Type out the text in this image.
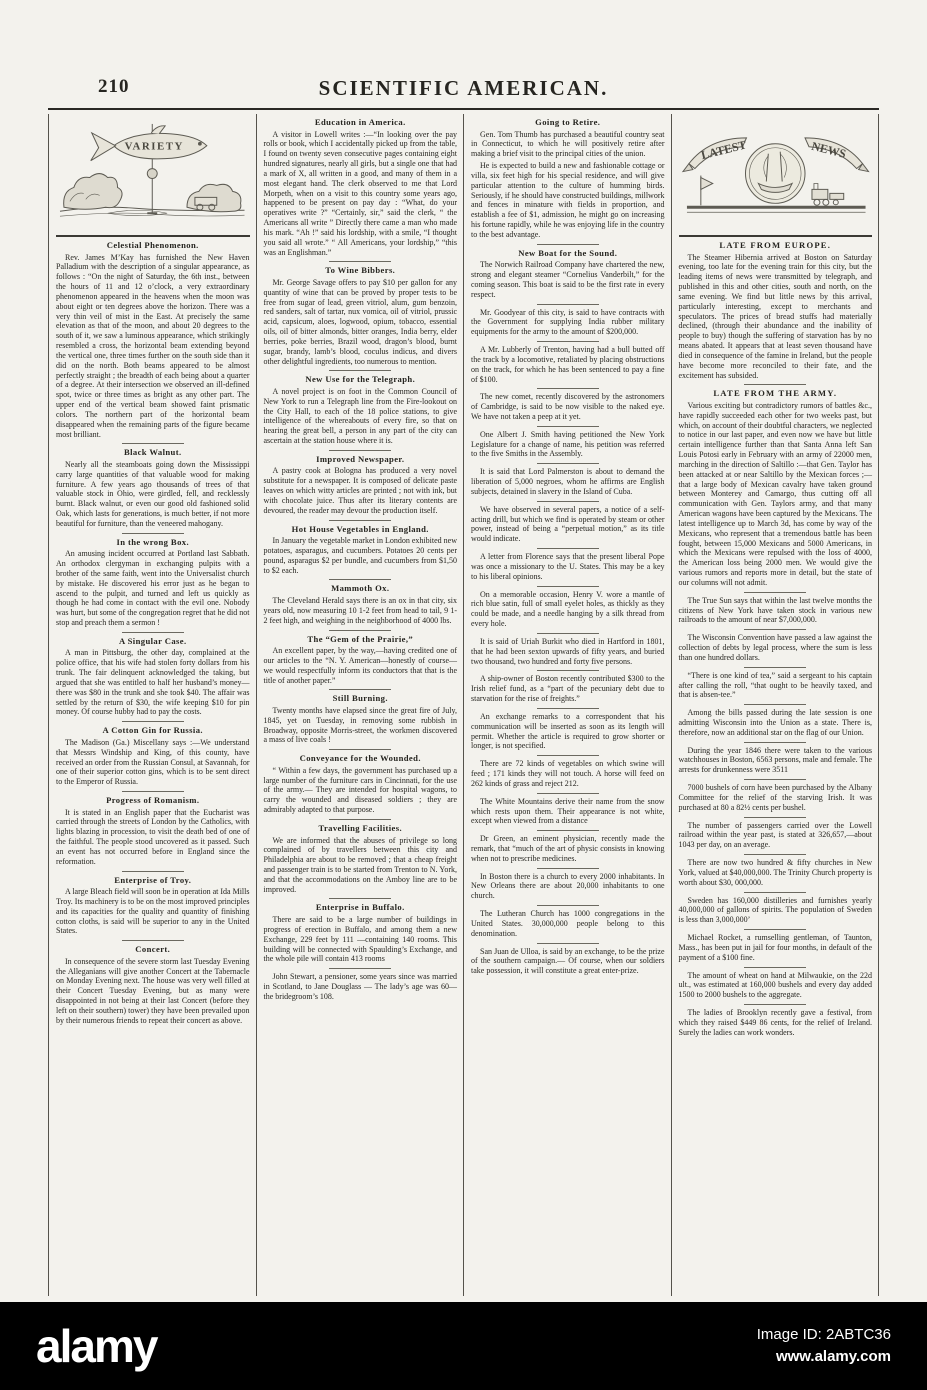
210	SCIENTIFIC AMERICAN.
VARIETY
Celestial Phenomenon.

Rev. James M’Kay has furnished the New Haven Palladium with the description of a singular appearance, as follows : “On the night of Saturday, the 6th inst., between the hours of 11 and 12 o’clock, a very extraordinary phenomenon appeared in the heavens when the moon was about eight or ten degrees above the horizon. There was a very thin veil of mist in the East. At precisely the same elevation as that of the moon, and about 20 degrees to the south of it, we saw a luminous appearance, which strikingly resembled a cross, the horizontal beam extending beyond the vertical one, three times further on the south side than it did on the north. Both beams appeared to be almost perfectly straight ; the breadth of each being about a quarter of a degree. At their intersection we observed an ill-defined spot, twice or three times as bright as any other part. The upper end of the vertical beam showed faint prismatic colors. The northern part of the horizontal beam disappeared when the remaining parts of the figure became most brilliant.

Black Walnut.

Nearly all the steamboats going down the Mississippi carry large quantities of that valuable wood for making furniture. A few years ago thousands of trees of that valuable stock in Ohio, were girdled, fell, and recklessly burnt. Black walnut, or even our good old fashioned solid Oak, which lasts for generations, is much better, if not more beautiful for furniture, than the veneered mahogany.

In the wrong Box.

An amusing incident occurred at Portland last Sabbath. An orthodox clergyman in exchanging pulpits with a brother of the same faith, went into the Universalist church by mistake. He discovered his error just as he began to ascend to the pulpit, and turned and left us quickly as though he had come in contact with the evil one. Nobody was hurt, but some of the congregation regret that he did not stop and preach them a sermon !

A Singular Case.

A man in Pittsburg, the other day, complained at the police office, that his wife had stolen forty dollars from his trunk. The fair delinquent acknowledged the taking, but argued that she was entitled to half her husband’s money—there was $80 in the trunk and she took $40. The affair was settled by the return of $30, the wife keeping $10 for pin money. Of course hubby had to pay the costs.

A Cotton Gin for Russia.

The Madison (Ga.) Miscellany says :—We understand that Messrs Windship and King, of this county, have received an order from the Russian Consul, at Savannah, for one of their superior cotton gins, which is to be sent direct to the Emperor of Russia.

Progress of Romanism.

It is stated in an English paper that the Eucharist was carried through the streets of London by the Catholics, with lights blazing in procession, to visit the death bed of one of the faithful. The people stood uncovered as it passed. Such an event has not occurred before in England since the reformation.

Enterprise of Troy.

A large Bleach field will soon be in operation at Ida Mills Troy. Its machinery is to be on the most improved principles and its capacities for the quality and quantity of finishing cotton cloths, is said will be superior to any in the United States.

Concert.

In consequence of the severe storm last Tuesday Evening the Alleganians will give another Concert at the Tabernacle on Monday Evening next. The house was very well filled at their Concert Tuesday Evening, but as many were disappointed in not being at their last Concert (before they left on their southern) tower) they have been prevailed upon by their numerous friends to repeat their concert as above.

Education in America.

A visitor in Lowell writes :—“In looking over the pay rolls or book, which I accidentally picked up from the table, I found on twenty seven consecutive pages containing eight hundred signatures, nearly all girls, but a single one that had a mark of X, all written in a good, and many of them in a most elegant hand. The clerk observed to me that Lord Morpeth, when on a visit to this country some years ago, happened to be present on pay day : “What, do your operatives write ?” “Certainly, sir,” said the clerk, “ the Americans all write ” Directly there came a man who made his mark. “Ah !” said his lordship, with a smile, “I thought you said all wrote.” “ All Americans, your lordship,” “this was an Englishman.”

To Wine Bibbers.

Mr. George Savage offers to pay $10 per gallon for any quantity of wine that can be proved by proper tests to be free from sugar of lead, green vitriol, alum, gum benzoin, red sanders, salt of tartar, nux vomica, oil of vitriol, prussic acid, capsicum, aloes, logwood, opium, tobacco, essential oils, oil of bitter almonds, bitter oranges, India berry, elder berries, poke berries, Brazil wood, dragon’s blood, burnt sugar, brandy, lamb’s blood, coculus indicus, and divers other delightful ingredients, too numerous to mention.

New Use for the Telegraph.

A novel project is on foot in the Common Council of New York to run a Telegraph line from the Fire-lookout on the City Hall, to each of the 18 police stations, to give intelligence of the whereabouts of every fire, so that on hearing the great bell, a person in any part of the city can ascertain at the station house where it is.

Improved Newspaper.

A pastry cook at Bologna has produced a very novel substitute for a newspaper. It is composed of delicate paste leaves on which witty articles are printed ; not with ink, but with chocolate juice. Thus after its literary contents are devoured, the reader may devour the production itself.

Hot House Vegetables in England.

In January the vegetable market in London exhibited new potatoes, asparagus, and cucumbers. Potatoes 20 cents per pound, asparagus $2 per bundle, and cucumbers from $1,50 to $2 each.

Mammoth Ox.

The Cleveland Herald says there is an ox in that city, six years old, now measuring 10 1-2 feet from head to tail, 9 1-2 feet high, and weighing in the neighborhood of 4000 lbs.

The “Gem of the Prairie,”

An excellent paper, by the way,—having credited one of our articles to the “N. Y. American—honestly of course—we would respectfully inform its conductors that that is the title of another paper.”

Still Burning.

Twenty months have elapsed since the great fire of July, 1845, yet on Tuesday, in removing some rubbish in Broadway, opposite Morris-street, the workmen discovered a mass of live coals !

Conveyance for the Wounded.

“ Within a few days, the government has purchased up a large number of the furniture cars in Cincinnati, for the use of the army.— They are intended for hospital wagons, to carry the wounded and diseased soldiers ; they are admirably adapted to that purpose.

Travelling Facilities.

We are informed that the abuses of privilege so long complained of by travellers between this city and Philadelphia are about to be removed ; that a cheap freight and passenger train is to be started from Trenton to N. York, and that the accommodations on the Amboy line are to be improved.

Enterprise in Buffalo.

There are said to be a large number of buildings in progress of erection in Buffalo, and among them a new Exchange, 229 feet by 111 —containing 140 rooms. This building will be connected with Spaulding’s Exchange, and the whole pile will contain 413 rooms

John Stewart, a pensioner, some years since was married in Scotland, to Jane Douglass — The lady’s age was 60—the bridegroom’s 108.

Going to Retire.

Gen. Tom Thumb has purchased a beautiful country seat in Connecticut, to which he will positively retire after making a brief visit to the principal cities of the union.

He is expected to build a new and fashionable cottage or villa, six feet high for his special residence, and will give particular attention to the culture of humming birds. Seriously, if he should have constructed buildings, millwork and fences in minature with fields in proportion, and establish a fee of $1, admission, he might go on increasing his fortune rapidly, while he was enjoying life in the country to the best advantage.

New Boat for the Sound.

The Norwich Railroad Company have chartered the new, strong and elegant steamer “Cornelius Vanderbilt,” for the coming season. This boat is said to be the first rate in every respect.

Mr. Goodyear of this city, is said to have contracts with the Government for supplying India rubber military equipments for the army to the amount of $200,000.

A Mr. Lubberly of Trenton, having had a bull butted off the track by a locomotive, retaliated by placing obstructions on the track, for which he has been sentenced to pay a fine of $100.

The new comet, recently discovered by the astronomers of Cambridge, is said to be now visible to the naked eye. We have not taken a peep at it yet.

One Albert J. Smith having petitioned the New York Legislature for a change of name, his petition was referred to the five Smiths in the Assembly.

It is said that Lord Palmerston is about to demand the liberation of 5,000 negroes, whom he affirms are English subjects, detained in slavery in the Island of Cuba.

We have observed in several papers, a notice of a self-acting drill, but which we find is operated by steam or other power, instead of being a “perpetual motion,” as its title would indicate.

A letter from Florence says that the present liberal Pope was once a missionary to the U. States. This may be a key to his liberal opinions.

On a memorable occasion, Henry V. wore a mantle of rich blue satin, full of small eyelet holes, as thickly as they could be made, and a needle hanging by a silk thread from every hole.

It is said of Uriah Burkit who died in Hartford in 1801, that he had been sexton upwards of fifty years, and buried two thousand, two hundred and forty five persons.

A ship-owner of Boston recently contributed $300 to the Irish relief fund, as a “part of the pecuniary debt due to starvation for the rise of freights.”

An exchange remarks to a correspondent that his communication will be inserted as soon as its length will permit. Whether the article is required to grow shorter or longer, is not specified.

There are 72 kinds of vegetables on which swine will feed ; 171 kinds they will not touch. A horse will feed on 262 kinds of grass and reject 212.

The White Mountains derive their name from the snow which rests upon them. Their appearance is not white, except when viewed from a distance

Dr Green, an eminent physician, recently made the remark, that “much of the art of physic consists in knowing when not to prescribe medicines.

In Boston there is a church to every 2000 inhabitants. In New Orleans there are about 20,000 inhabitants to one church.

The Lutheran Church has 1000 congregations in the United States. 30,000,000 people belong to this denomination.

San Juan de Ulloa, is said by an exchange, to be the prize of the southern campaign.— Of course, when our soldiers take possession, it will constitute a great enter-prize.

LATEST	NEWS
LATE FROM EUROPE.

The Steamer Hibernia arrived at Boston on Saturday evening, too late for the evening train for this city, but the leading items of news were transmitted by telegraph, and published in this and other cities, south and north, on the same evening. We find but little news by this arrival, particularly interesting, except to merchants and speculators. The prices of bread stuffs had materially declined, (through their abundance and the inability of people to buy) though the suffering of starvation has by no means abated. It appears that at least seven thousand have died in consequence of the famine in Ireland, but the people have become more reconciled to their fate, and the excitement has subsided.

LATE FROM THE ARMY.

Various exciting but contradictory rumors of battles &c., have rapidly succeeded each other for two weeks past, but which, on account of their doubtful characters, we neglected to notice in our last paper, and even now we have but little certain intelligence further than that Santa Anna left San Louis Potosi early in February with an army of 22000 men, marching in the direction of Saltillo :—that Gen. Taylor has been attacked at or near Saltillo by the Mexican forces ;—that a large body of Mexican cavalry have taken ground between Monterey and Camargo, thus cutting off all communication with Gen. Taylors army, and that many American wagons have been captured by the Mexicans. The latest intelligence up to March 3d, has come by way of the Mexicans, who represent that a tremendous battle has been fought, between 15,000 Mexicans and 5000 Americans, in which the Mexicans were repulsed with the loss of 4000, the American loss being 2000 men. We would give the various rumors and reports more in detail, but the state of our columns will not admit.

The True Sun says that within the last twelve months the citizens of New York have taken stock in various new railroads to the amount of near $7,000,000.

The Wisconsin Convention have passed a law against the collection of debts by legal process, where the sum is less than one hundred dollars.

“There is one kind of tea,” said a sergeant to his captain after calling the roll, “that ought to be heavily taxed, and that is absen-tee.”

Among the bills passed during the late session is one admitting Wisconsin into the Union as a state. There is, therefore, now an additional star on the flag of our Union.

During the year 1846 there were taken to the various watchhouses in Boston, 6563 persons, male and female. The arrests for drunkenness were 3511

7000 bushels of corn have been purchased by the Albany Committee for the relief of the starving Irish. It was purchased at 80 a 82½ cents per bushel.

The number of passengers carried over the Lowell railroad within the year past, is stated at 326,657,—about 1043 per day, on an average.

There are now two hundred & fifty churches in New York, valued at $40,000,000. The Trinity Church property is worth about $30, 000,000.

Sweden has 160,000 distilleries and furnishes yearly 40,000,000 of gallons of spirits. The population of Sweden is less than 3,000,000’

Michael Rocket, a rumselling gentleman, of Taunton, Mass., has been put in jail for four months, in default of the payment of a $100 fine.

The amount of wheat on hand at Milwaukie, on the 22d ult., was estimated at 160,000 bushels and every day added 1500 to 2000 bushels to the aggregate.

The ladies of Brooklyn recently gave a festival, from which they raised $449 86 cents, for the relief of Ireland. Surely the ladies can work wonders.

alamy	Image ID: 2ABTC36
www.alamy.com
